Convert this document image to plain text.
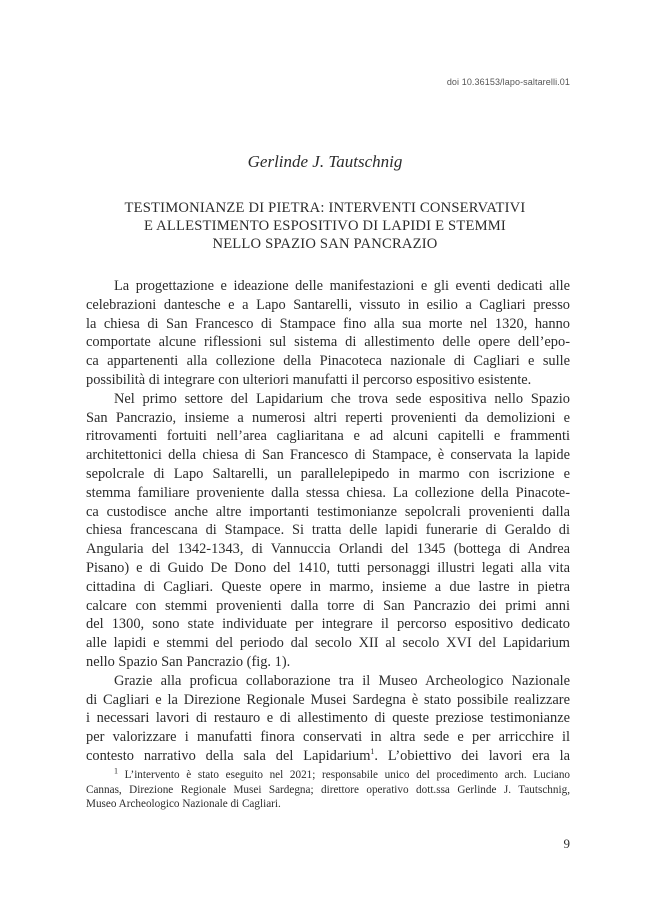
doi 10.36153/lapo-saltarelli.01
Gerlinde J. Tautschnig
TESTIMONIANZE DI PIETRA: INTERVENTI CONSERVATIVI
E ALLESTIMENTO ESPOSITIVO DI LAPIDI E STEMMI
NELLO SPAZIO SAN PANCRAZIO
La progettazione e ideazione delle manifestazioni e gli eventi dedicati alle
celebrazioni dantesche e a Lapo Santarelli, vissuto in esilio a Cagliari presso
la chiesa di San Francesco di Stampace fino alla sua morte nel 1320, hanno
comportate alcune riflessioni sul sistema di allestimento delle opere dell’epo-
ca appartenenti alla collezione della Pinacoteca nazionale di Cagliari e sulle
possibilità di integrare con ulteriori manufatti il percorso espositivo esistente.
Nel primo settore del Lapidarium che trova sede espositiva nello Spazio
San Pancrazio, insieme a numerosi altri reperti provenienti da demolizioni e
ritrovamenti fortuiti nell’area cagliaritana e ad alcuni capitelli e frammenti
architettonici della chiesa di San Francesco di Stampace, è conservata la lapide
sepolcrale di Lapo Saltarelli, un parallelepipedo in marmo con iscrizione e
stemma familiare proveniente dalla stessa chiesa. La collezione della Pinacote-
ca custodisce anche altre importanti testimonianze sepolcrali provenienti dalla
chiesa francescana di Stampace. Si tratta delle lapidi funerarie di Geraldo di
Angularia del 1342-1343, di Vannuccia Orlandi del 1345 (bottega di Andrea
Pisano) e di Guido De Dono del 1410, tutti personaggi illustri legati alla vita
cittadina di Cagliari. Queste opere in marmo, insieme a due lastre in pietra
calcare con stemmi provenienti dalla torre di San Pancrazio dei primi anni
del 1300, sono state individuate per integrare il percorso espositivo dedicato
alle lapidi e stemmi del periodo dal secolo XII al secolo XVI del Lapidarium
nello Spazio San Pancrazio (fig. 1).
Grazie alla proficua collaborazione tra il Museo Archeologico Nazionale
di Cagliari e la Direzione Regionale Musei Sardegna è stato possibile realizzare
i necessari lavori di restauro e di allestimento di queste preziose testimonianze
per valorizzare i manufatti finora conservati in altra sede e per arricchire il
contesto narrativo della sala del Lapidarium$^1$. L’obiettivo dei lavori era la
$^1$ L’intervento è stato eseguito nel 2021; responsabile unico del procedimento arch. Luciano
Cannas, Direzione Regionale Musei Sardegna; direttore operativo dott.ssa Gerlinde J. Tautschnig,
Museo Archeologico Nazionale di Cagliari.
9
